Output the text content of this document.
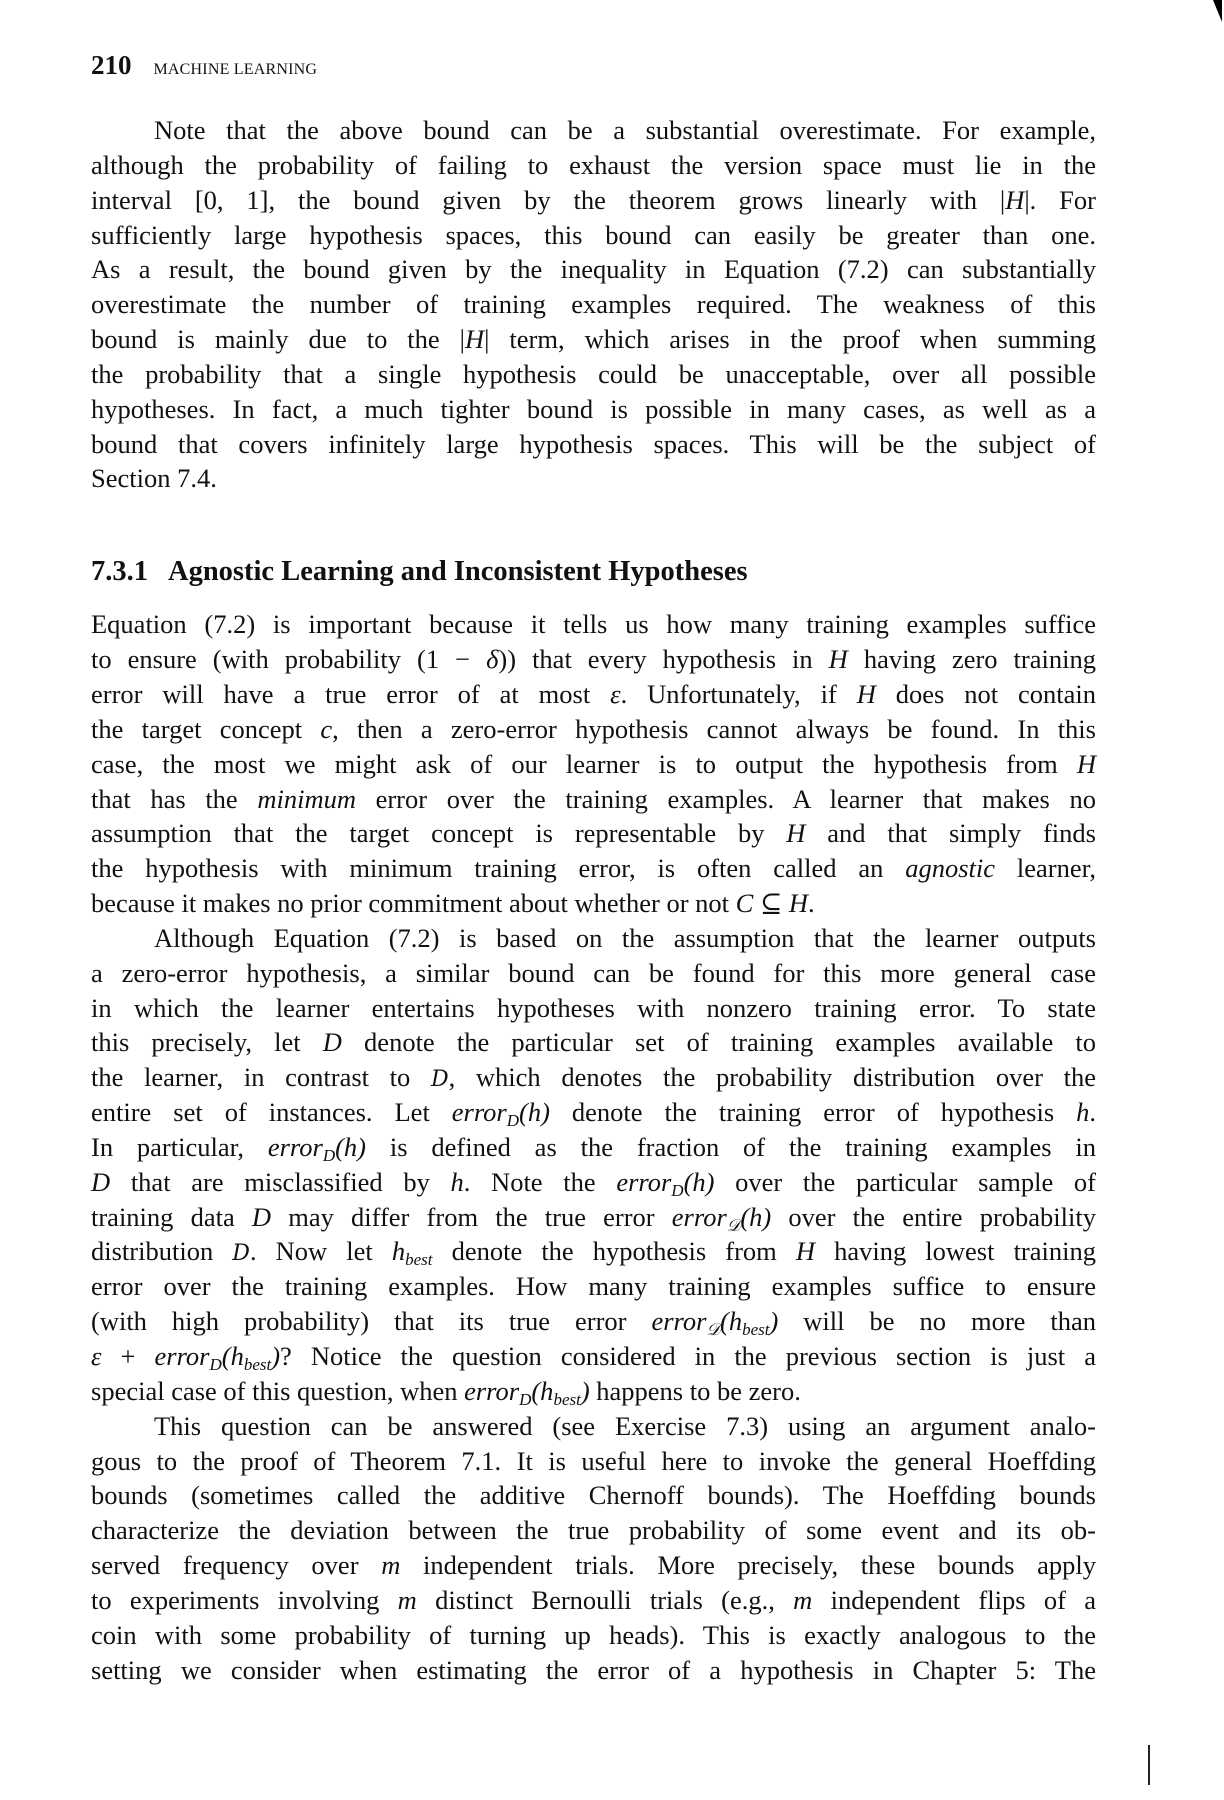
210 MACHINE LEARNING
Note that the above bound can be a substantial overestimate. For example,
although the probability of failing to exhaust the version space must lie in the
interval [0, 1], the bound given by the theorem grows linearly with |H|. For
sufficiently large hypothesis spaces, this bound can easily be greater than one.
As a result, the bound given by the inequality in Equation (7.2) can substantially
overestimate the number of training examples required. The weakness of this
bound is mainly due to the |H| term, which arises in the proof when summing
the probability that a single hypothesis could be unacceptable, over all possible
hypotheses. In fact, a much tighter bound is possible in many cases, as well as a
bound that covers infinitely large hypothesis spaces. This will be the subject of
Section 7.4.
7.3.1 Agnostic Learning and Inconsistent Hypotheses
Equation (7.2) is important because it tells us how many training examples suffice
to ensure (with probability (1 − δ)) that every hypothesis in H having zero training
error will have a true error of at most ε. Unfortunately, if H does not contain
the target concept c, then a zero-error hypothesis cannot always be found. In this
case, the most we might ask of our learner is to output the hypothesis from H
that has the minimum error over the training examples. A learner that makes no
assumption that the target concept is representable by H and that simply finds
the hypothesis with minimum training error, is often called an agnostic learner,
because it makes no prior commitment about whether or not C ⊆ H.
Although Equation (7.2) is based on the assumption that the learner outputs
a zero-error hypothesis, a similar bound can be found for this more general case
in which the learner entertains hypotheses with nonzero training error. To state
this precisely, let D denote the particular set of training examples available to
the learner, in contrast to D, which denotes the probability distribution over the
entire set of instances. Let errorD(h) denote the training error of hypothesis h.
In particular, errorD(h) is defined as the fraction of the training examples in
D that are misclassified by h. Note the errorD(h) over the particular sample of
training data D may differ from the true error error𝒟(h) over the entire probability
distribution D. Now let hbest denote the hypothesis from H having lowest training
error over the training examples. How many training examples suffice to ensure
(with high probability) that its true error error𝒟(hbest) will be no more than
ε + errorD(hbest)? Notice the question considered in the previous section is just a
special case of this question, when errorD(hbest) happens to be zero.
This question can be answered (see Exercise 7.3) using an argument analo-
gous to the proof of Theorem 7.1. It is useful here to invoke the general Hoeffding
bounds (sometimes called the additive Chernoff bounds). The Hoeffding bounds
characterize the deviation between the true probability of some event and its ob-
served frequency over m independent trials. More precisely, these bounds apply
to experiments involving m distinct Bernoulli trials (e.g., m independent flips of a
coin with some probability of turning up heads). This is exactly analogous to the
setting we consider when estimating the error of a hypothesis in Chapter 5: The
